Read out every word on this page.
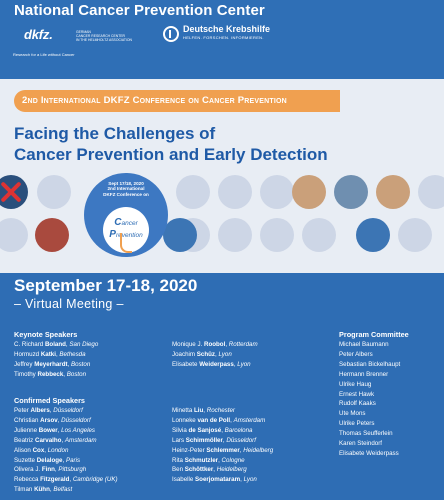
National Cancer Prevention Center
dkfz.	GERMAN
CANCER RESEARCH CENTER
IN THE HELMHOLTZ ASSOCIATION
Research for a Life without Cancer
Deutsche Krebshilfe
HELFEN. FORSCHEN. INFORMIEREN.
2nd International DKFZ Conference on Cancer Prevention
Facing the Challenges of
Cancer Prevention and Early Detection
Sept 17/18, 2020
2nd International
DKFZ Conference on
Cancer
Prevention
September 17-18, 2020
– Virtual Meeting –
Keynote Speakers
C. Richard Boland, San Diego
Hormuzd Katki, Bethesda
Jeffrey Meyerhardt, Boston
Timothy Rebbeck, Boston
Monique J. Roobol, Rotterdam
Joachim Schüz, Lyon
Elisabete Weiderpass, Lyon
Confirmed Speakers
Peter Albers, Düsseldorf
Christian Arsov, Düsseldorf
Julienne Bower, Los Angeles
Beatriz Carvalho, Amsterdam
Alison Cox, London
Suzette Delaloge, Paris
Olivera J. Finn, Pittsburgh
Rebecca Fitzgerald, Cambridge (UK)
Tilman Kühn, Belfast
Minetta Liu, Rochester
Lonneke van de Poll, Amsterdam
Silvia de Sanjosé, Barcelona
Lars Schimmöller, Düsseldorf
Heinz-Peter Schlemmer, Heidelberg
Rita Schmutzler, Cologne
Ben Schöttker, Heidelberg
Isabelle Soerjomataram, Lyon
Program Committee
Michael Baumann
Peter Albers
Sebastian Bickelhaupt
Hermann Brenner
Ulrike Haug
Ernest Hawk
Rudolf Kaaks
Ute Mons
Ulrike Peters
Thomas Seufferlein
Karen Steindorf
Elisabete Weiderpass
